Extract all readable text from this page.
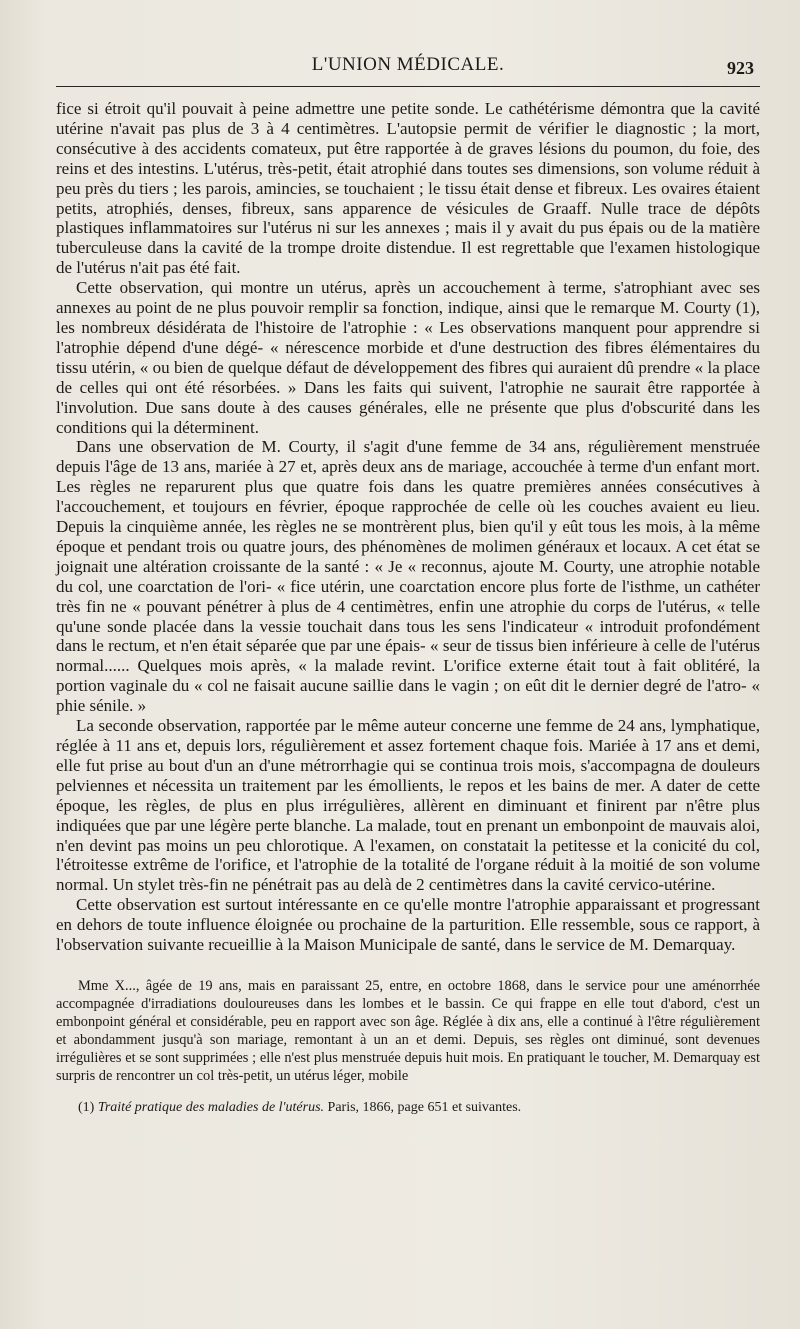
L'UNION MÉDICALE.	923

fice si étroit qu'il pouvait à peine admettre une petite sonde. Le cathétérisme démontra que la cavité utérine n'avait pas plus de 3 à 4 centimètres. L'autopsie permit de vérifier le diagnostic ; la mort, consécutive à des accidents comateux, put être rapportée à de graves lésions du poumon, du foie, des reins et des intestins. L'utérus, très-petit, était atrophié dans toutes ses dimensions, son volume réduit à peu près du tiers ; les parois, amincies, se touchaient ; le tissu était dense et fibreux. Les ovaires étaient petits, atrophiés, denses, fibreux, sans apparence de vésicules de Graaff. Nulle trace de dépôts plastiques inflammatoires sur l'utérus ni sur les annexes ; mais il y avait du pus épais ou de la matière tuberculeuse dans la cavité de la trompe droite distendue. Il est regrettable que l'examen histologique de l'utérus n'ait pas été fait.

Cette observation, qui montre un utérus, après un accouchement à terme, s'atrophiant avec ses annexes au point de ne plus pouvoir remplir sa fonction, indique, ainsi que le remarque M. Courty (1), les nombreux désidérata de l'histoire de l'atrophie : « Les observations manquent pour apprendre si l'atrophie dépend d'une dégé- « nérescence morbide et d'une destruction des fibres élémentaires du tissu utérin, « ou bien de quelque défaut de développement des fibres qui auraient dû prendre « la place de celles qui ont été résorbées. » Dans les faits qui suivent, l'atrophie ne saurait être rapportée à l'involution. Due sans doute à des causes générales, elle ne présente que plus d'obscurité dans les conditions qui la déterminent.

Dans une observation de M. Courty, il s'agit d'une femme de 34 ans, régulièrement menstruée depuis l'âge de 13 ans, mariée à 27 et, après deux ans de mariage, accouchée à terme d'un enfant mort. Les règles ne reparurent plus que quatre fois dans les quatre premières années consécutives à l'accouchement, et toujours en février, époque rapprochée de celle où les couches avaient eu lieu. Depuis la cinquième année, les règles ne se montrèrent plus, bien qu'il y eût tous les mois, à la même époque et pendant trois ou quatre jours, des phénomènes de molimen généraux et locaux. A cet état se joignait une altération croissante de la santé : « Je « reconnus, ajoute M. Courty, une atrophie notable du col, une coarctation de l'ori- « fice utérin, une coarctation encore plus forte de l'isthme, un cathéter très fin ne « pouvant pénétrer à plus de 4 centimètres, enfin une atrophie du corps de l'utérus, « telle qu'une sonde placée dans la vessie touchait dans tous les sens l'indicateur « introduit profondément dans le rectum, et n'en était séparée que par une épais- « seur de tissus bien inférieure à celle de l'utérus normal...... Quelques mois après, « la malade revint. L'orifice externe était tout à fait oblitéré, la portion vaginale du « col ne faisait aucune saillie dans le vagin ; on eût dit le dernier degré de l'atro- « phie sénile. »

La seconde observation, rapportée par le même auteur concerne une femme de 24 ans, lymphatique, réglée à 11 ans et, depuis lors, régulièrement et assez fortement chaque fois. Mariée à 17 ans et demi, elle fut prise au bout d'un an d'une métrorrhagie qui se continua trois mois, s'accompagna de douleurs pelviennes et nécessita un traitement par les émollients, le repos et les bains de mer. A dater de cette époque, les règles, de plus en plus irrégulières, allèrent en diminuant et finirent par n'être plus indiquées que par une légère perte blanche. La malade, tout en prenant un embonpoint de mauvais aloi, n'en devint pas moins un peu chlorotique. A l'examen, on constatait la petitesse et la conicité du col, l'étroitesse extrême de l'orifice, et l'atrophie de la totalité de l'organe réduit à la moitié de son volume normal. Un stylet très-fin ne pénétrait pas au delà de 2 centimètres dans la cavité cervico-utérine.

Cette observation est surtout intéressante en ce qu'elle montre l'atrophie apparaissant et progressant en dehors de toute influence éloignée ou prochaine de la parturition. Elle ressemble, sous ce rapport, à l'observation suivante recueillie à la Maison Municipale de santé, dans le service de M. Demarquay.

Mme X..., âgée de 19 ans, mais en paraissant 25, entre, en octobre 1868, dans le service pour une aménorrhée accompagnée d'irradiations douloureuses dans les lombes et le bassin. Ce qui frappe en elle tout d'abord, c'est un embonpoint général et considérable, peu en rapport avec son âge. Réglée à dix ans, elle a continué à l'être régulièrement et abondamment jusqu'à son mariage, remontant à un an et demi. Depuis, ses règles ont diminué, sont devenues irrégulières et se sont supprimées ; elle n'est plus menstruée depuis huit mois. En pratiquant le toucher, M. Demarquay est surpris de rencontrer un col très-petit, un utérus léger, mobile

(1) Traité pratique des maladies de l'utérus. Paris, 1866, page 651 et suivantes.
